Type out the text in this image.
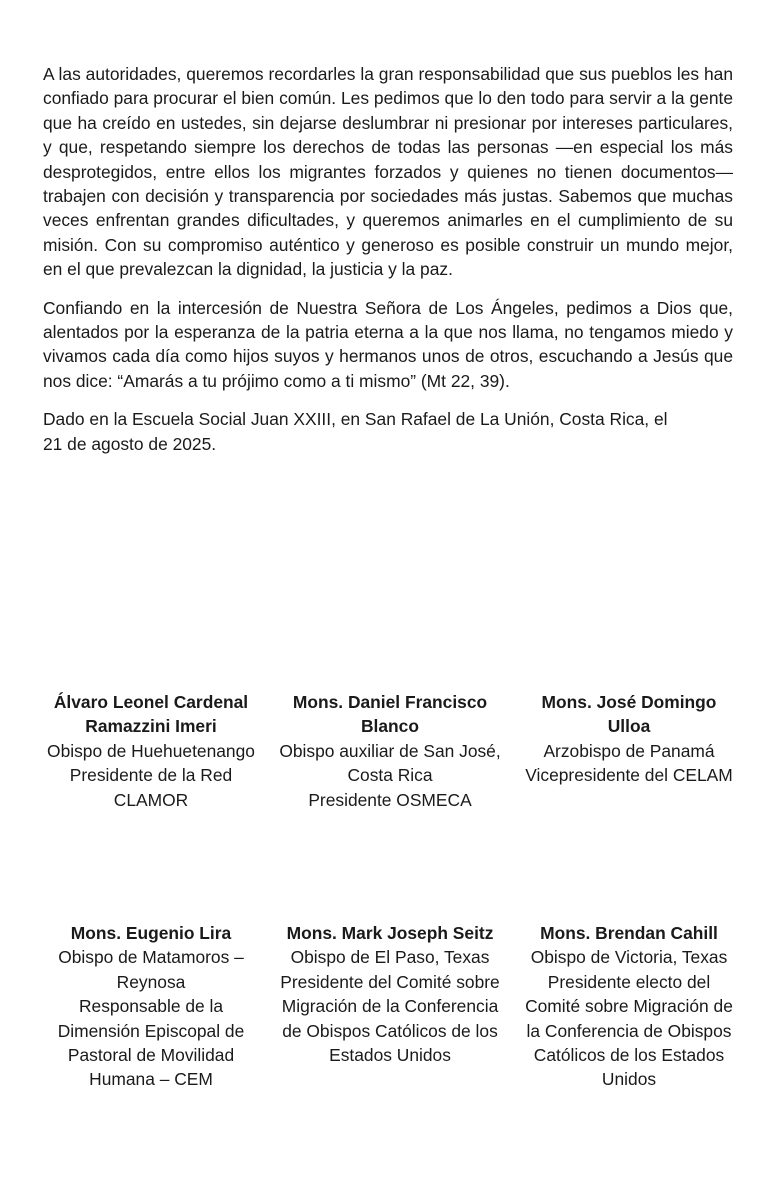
A las autoridades, queremos recordarles la gran responsabilidad que sus pueblos les han confiado para procurar el bien común. Les pedimos que lo den todo para servir a la gente que ha creído en ustedes, sin dejarse deslumbrar ni presionar por intereses particulares, y que, respetando siempre los derechos de todas las personas —en especial los más desprotegidos, entre ellos los migrantes forzados y quienes no tienen documentos— trabajen con decisión y transparencia por sociedades más justas. Sabemos que muchas veces enfrentan grandes dificultades, y queremos animarles en el cumplimiento de su misión. Con su compromiso auténtico y generoso es posible construir un mundo mejor, en el que prevalezcan la dignidad, la justicia y la paz.

Confiando en la intercesión de Nuestra Señora de Los Ángeles, pedimos a Dios que, alentados por la esperanza de la patria eterna a la que nos llama, no tengamos miedo y vivamos cada día como hijos suyos y hermanos unos de otros, escuchando a Jesús que nos dice: “Amarás a tu prójimo como a ti mismo” (Mt 22, 39).

Dado en la Escuela Social Juan XXIII, en San Rafael de La Unión, Costa Rica, el
21 de agosto de 2025.

Álvaro Leonel Cardenal Ramazzini Imeri

Obispo de Huehuetenango

Presidente de la Red CLAMOR

Mons. Daniel Francisco Blanco

Obispo auxiliar de San José, Costa Rica

Presidente OSMECA

Mons. José Domingo Ulloa

Arzobispo de Panamá

Vicepresidente del CELAM

Mons. Eugenio Lira

Obispo de Matamoros – Reynosa

Responsable de la Dimensión Episcopal de Pastoral de Movilidad Humana – CEM

Mons. Mark Joseph Seitz

Obispo de El Paso, Texas

Presidente del Comité sobre Migración de la Conferencia de Obispos Católicos de los Estados Unidos

Mons. Brendan Cahill

Obispo de Victoria, Texas

Presidente electo del Comité sobre Migración de la Conferencia de Obispos Católicos de los Estados Unidos
